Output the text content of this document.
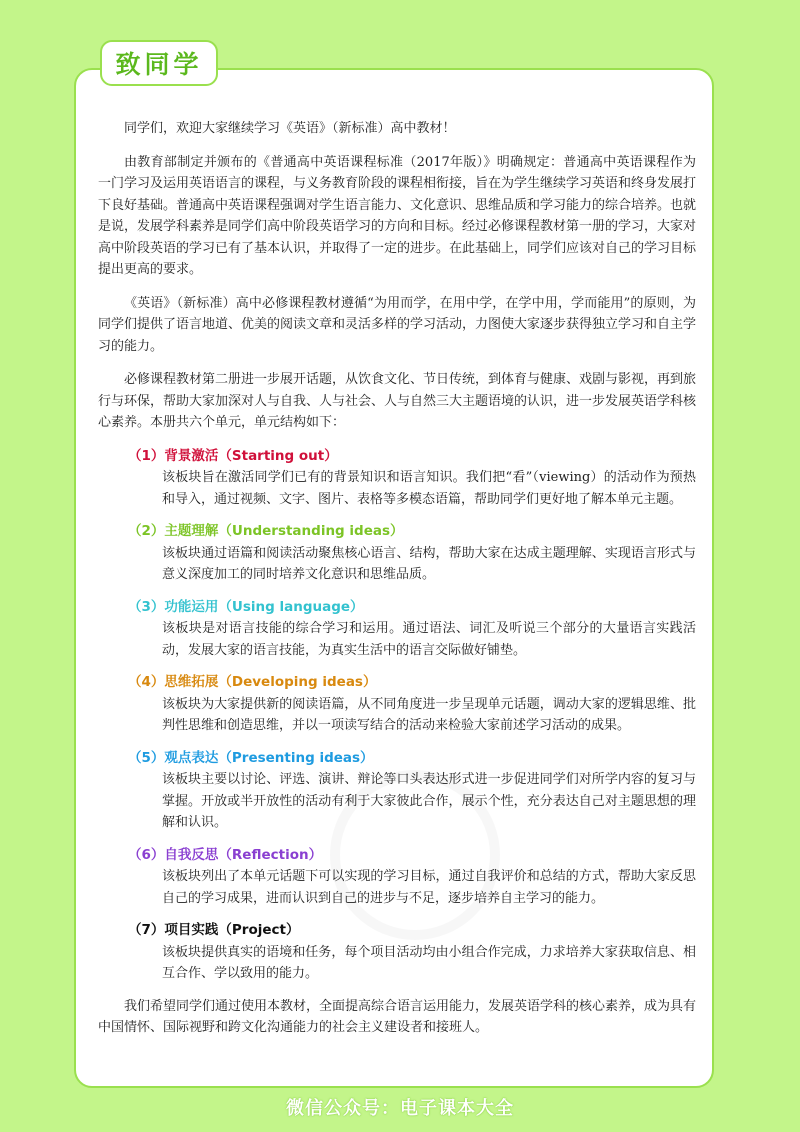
致同学

同学们，欢迎大家继续学习《英语》（新标准）高中教材！

由教育部制定并颁布的《普通高中英语课程标准（2017年版）》明确规定：普通高中英语课程作为一门学习及运用英语语言的课程，与义务教育阶段的课程相衔接，旨在为学生继续学习英语和终身发展打下良好基础。普通高中英语课程强调对学生语言能力、文化意识、思维品质和学习能力的综合培养。也就是说，发展学科素养是同学们高中阶段英语学习的方向和目标。经过必修课程教材第一册的学习，大家对高中阶段英语的学习已有了基本认识，并取得了一定的进步。在此基础上，同学们应该对自己的学习目标提出更高的要求。

《英语》（新标准）高中必修课程教材遵循“为用而学，在用中学，在学中用，学而能用”的原则，为同学们提供了语言地道、优美的阅读文章和灵活多样的学习活动，力图使大家逐步获得独立学习和自主学习的能力。

必修课程教材第二册进一步展开话题，从饮食文化、节日传统，到体育与健康、戏剧与影视，再到旅行与环保，帮助大家加深对人与自我、人与社会、人与自然三大主题语境的认识，进一步发展英语学科核心素养。本册共六个单元，单元结构如下：

（1）背景激活（Starting out）
该板块旨在激活同学们已有的背景知识和语言知识。我们把“看”（viewing）的活动作为预热和导入，通过视频、文字、图片、表格等多模态语篇，帮助同学们更好地了解本单元主题。
（2）主题理解（Understanding ideas）
该板块通过语篇和阅读活动聚焦核心语言、结构，帮助大家在达成主题理解、实现语言形式与意义深度加工的同时培养文化意识和思维品质。
（3）功能运用（Using language）
该板块是对语言技能的综合学习和运用。通过语法、词汇及听说三个部分的大量语言实践活动，发展大家的语言技能，为真实生活中的语言交际做好铺垫。
（4）思维拓展（Developing ideas）
该板块为大家提供新的阅读语篇，从不同角度进一步呈现单元话题，调动大家的逻辑思维、批判性思维和创造思维，并以一项读写结合的活动来检验大家前述学习活动的成果。
（5）观点表达（Presenting ideas）
该板块主要以讨论、评选、演讲、辩论等口头表达形式进一步促进同学们对所学内容的复习与掌握。开放或半开放性的活动有利于大家彼此合作，展示个性，充分表达自己对主题思想的理解和认识。
（6）自我反思（Reflection）
该板块列出了本单元话题下可以实现的学习目标，通过自我评价和总结的方式，帮助大家反思自己的学习成果，进而认识到自己的进步与不足，逐步培养自主学习的能力。
（7）项目实践（Project）
该板块提供真实的语境和任务，每个项目活动均由小组合作完成，力求培养大家获取信息、相互合作、学以致用的能力。

我们希望同学们通过使用本教材，全面提高综合语言运用能力，发展英语学科的核心素养，成为具有中国情怀、国际视野和跨文化沟通能力的社会主义建设者和接班人。

微信公众号：电子课本大全
